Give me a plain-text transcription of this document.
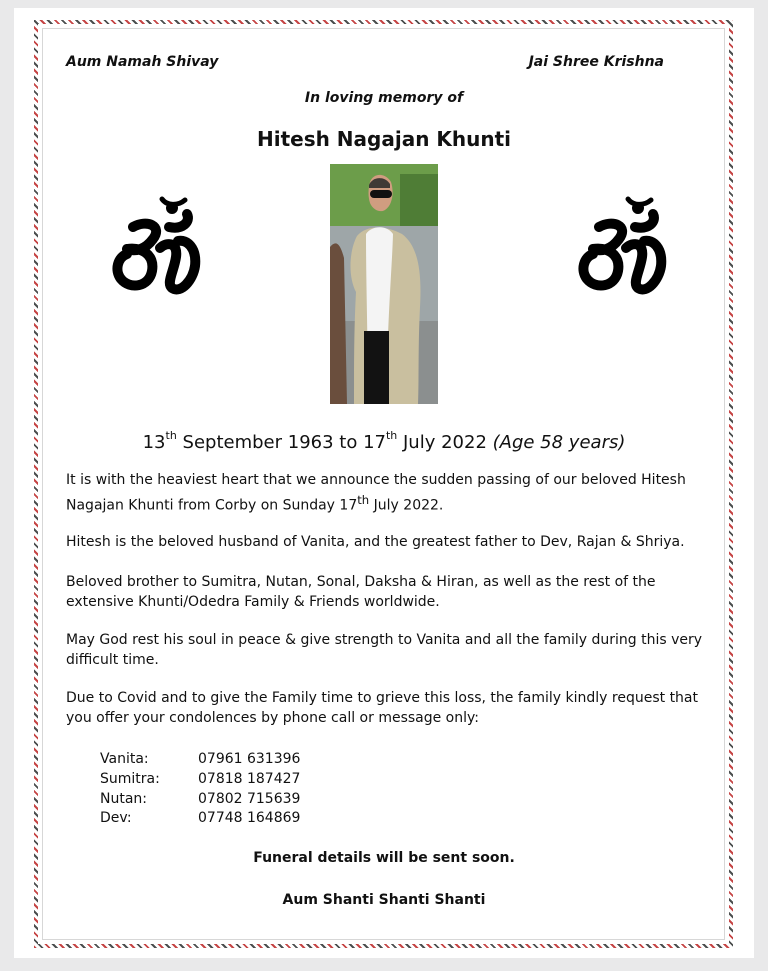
Aum Namah Shivay	Jai Shree Krishna
In loving memory of
Hitesh Nagajan Khunti
13th September 1963 to 17th July 2022 (Age 58 years)
It is with the heaviest heart that we announce the sudden passing of our beloved Hitesh Nagajan Khunti from Corby on Sunday 17th July 2022.
Hitesh is the beloved husband of Vanita, and the greatest father to Dev, Rajan & Shriya.
Beloved brother to Sumitra, Nutan, Sonal, Daksha & Hiran, as well as the rest of the extensive Khunti/Odedra Family & Friends worldwide.
May God rest his soul in peace & give strength to Vanita and all the family during this very difficult time.
Due to Covid and to give the Family time to grieve this loss, the family kindly request that you offer your condolences by phone call or message only:
Vanita:	07961 631396
Sumitra:	07818 187427
Nutan:	07802 715639
Dev:	07748 164869
Funeral details will be sent soon.
Aum Shanti Shanti Shanti
